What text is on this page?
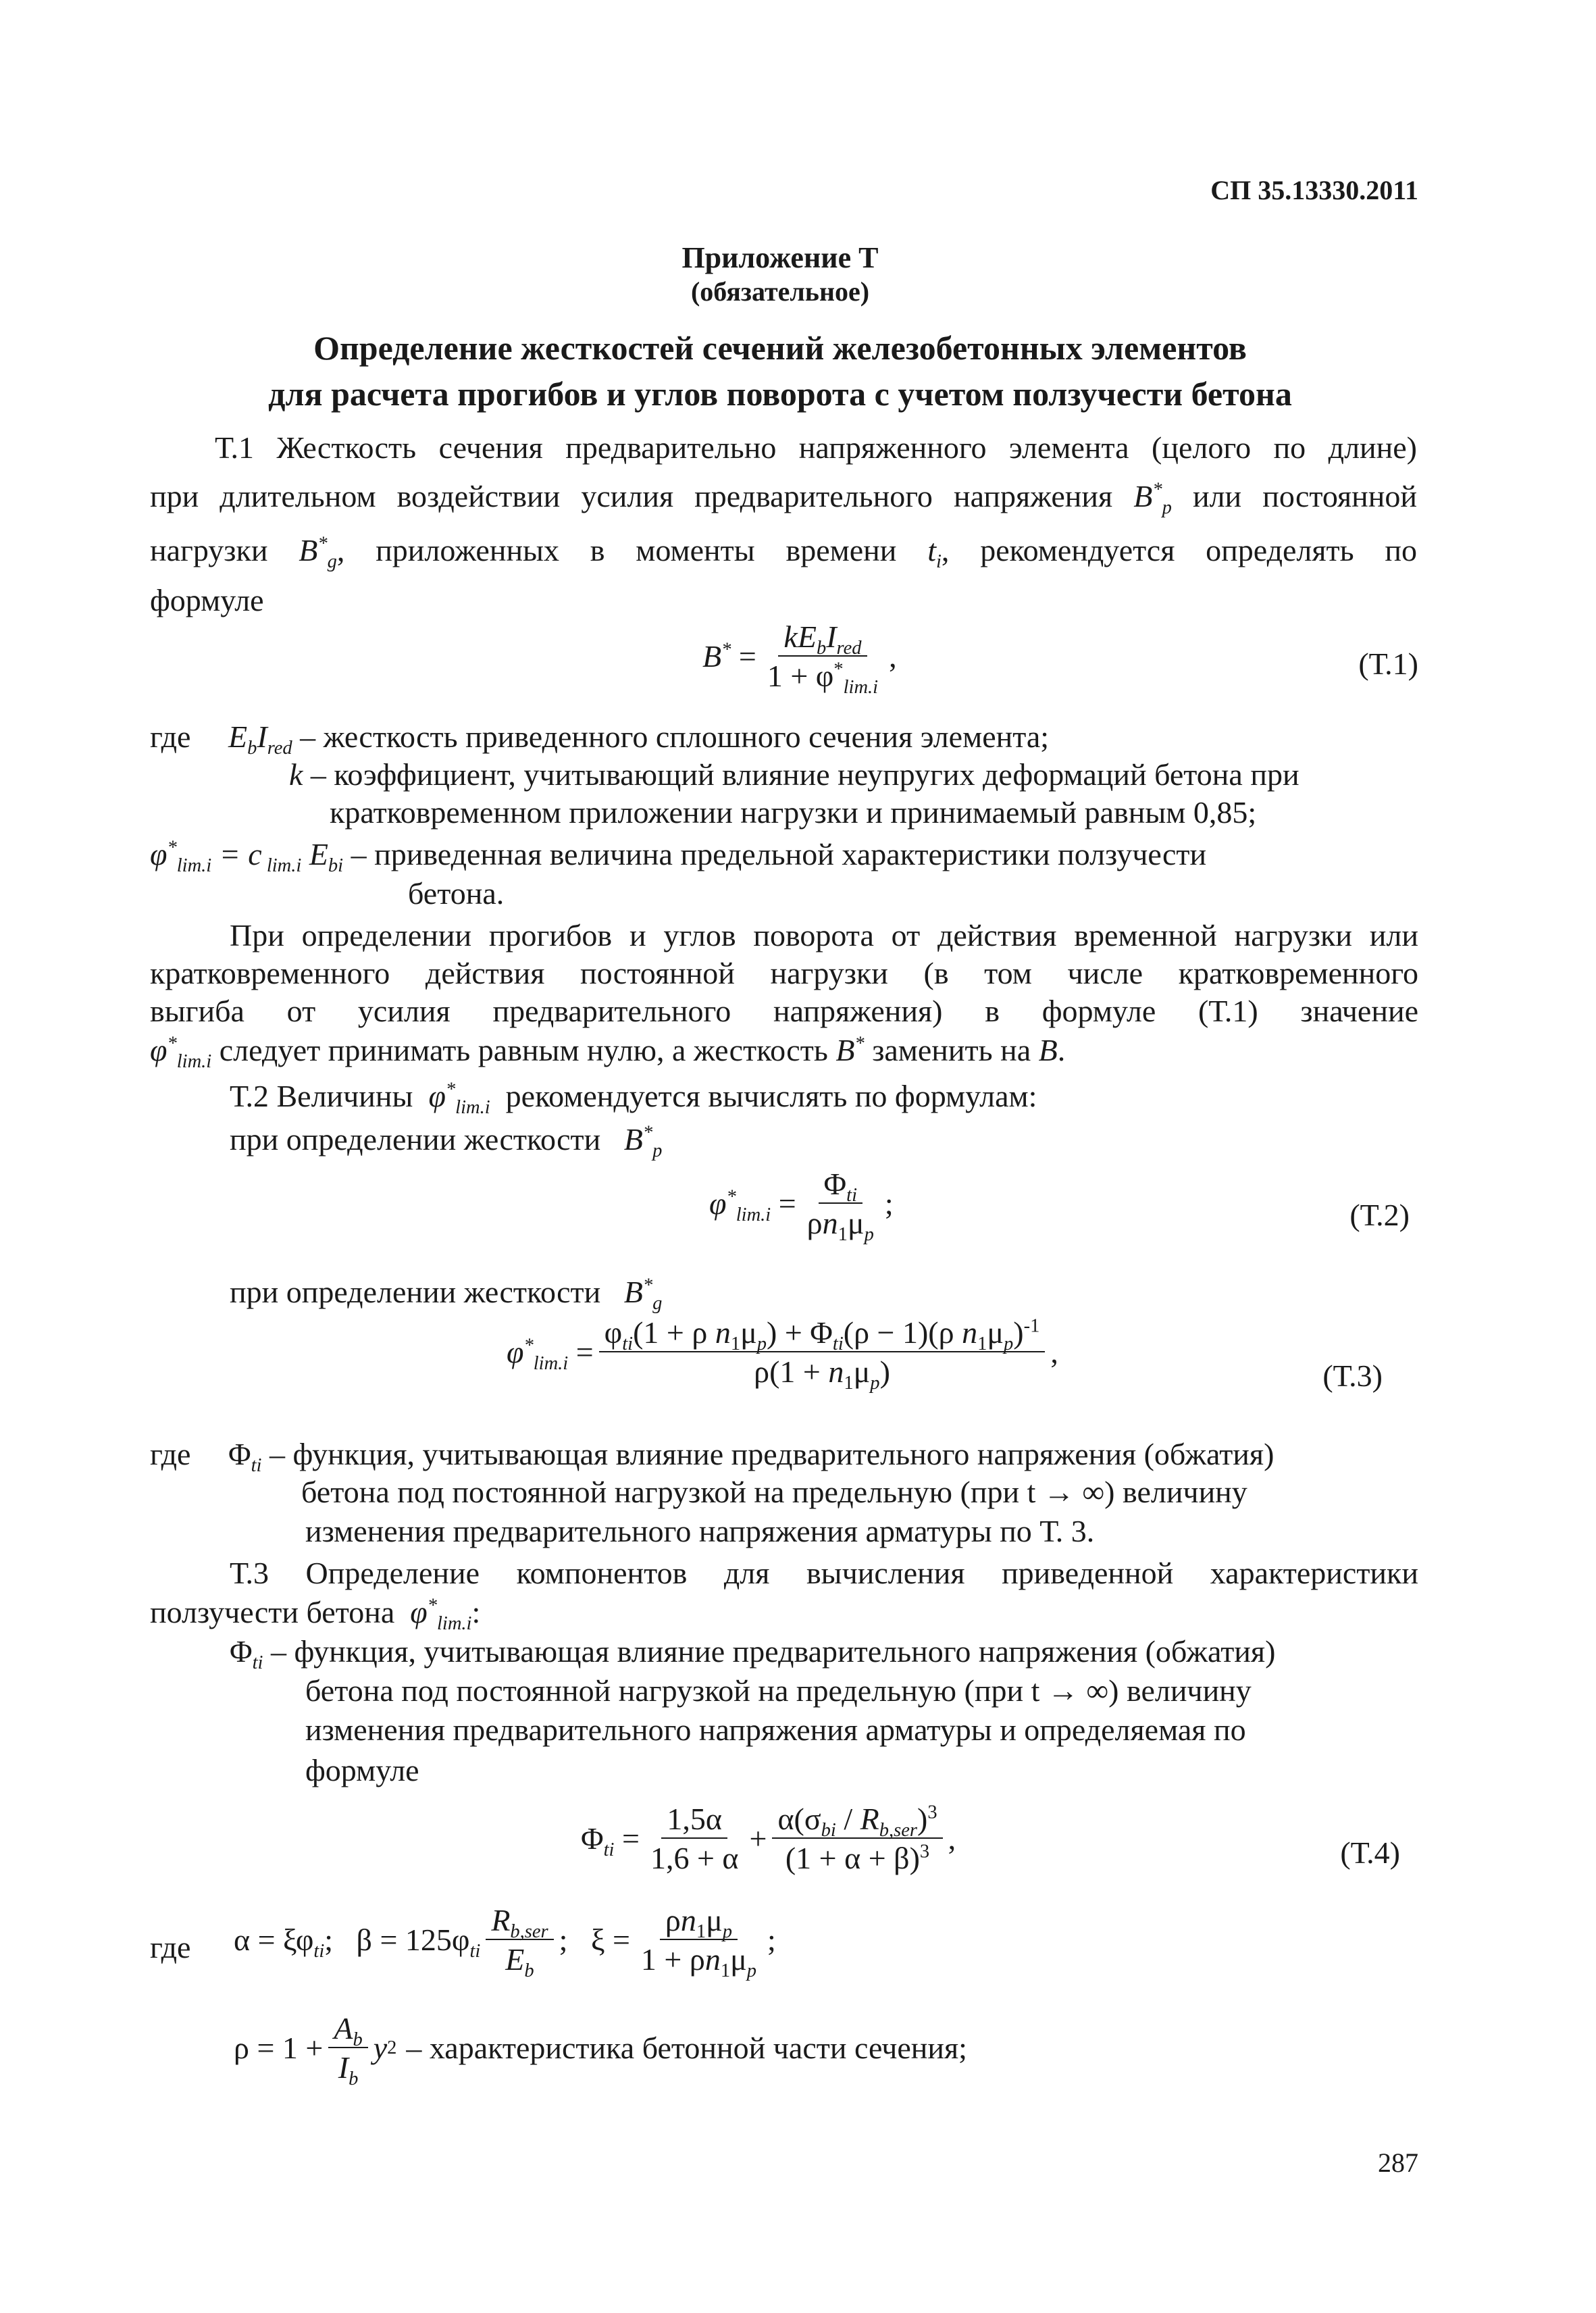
СП 35.13330.2011
Приложение Т
(обязательное)
Определение жесткостей сечений железобетонных элементов
для расчета прогибов и углов поворота с учетом ползучести бетона
Т.1 Жесткость сечения предварительно напряженного элемента (целого по длине)
при длительном воздействии усилия предварительного напряжения $B^*_p$ или постоянной
нагрузки $B^*_g$, приложенных в моменты времени $t_i$, рекомендуется определять по
формуле
$B^* = \frac{kE_bI_{red}}{1 + \varphi^*_{lim.i}}$ ,	(Т.1)
где $E_bI_{red}$ – жесткость приведенного сплошного сечения элемента;
k – коэффициент, учитывающий влияние неупругих деформаций бетона при
кратковременном приложении нагрузки и принимаемый равным 0,85;
$\varphi^*_{lim.i} = c$ $_{lim.i}$ $E_{bi}$ – приведенная величина предельной характеристики ползучести
бетона.
При определении прогибов и углов поворота от действия временной нагрузки или
кратковременного действия постоянной нагрузки (в том числе кратковременного
выгиба от усилия предварительного напряжения) в формуле (Т.1) значение
$\varphi^*_{lim.i}$ следует принимать равным нулю, а жесткость B* заменить на B.
Т.2 Величины  $\varphi^*_{lim.i}$ рекомендуется вычислять по формулам:
при определении жесткости   $B^*_p$
$\varphi^*_{lim.i} = \frac{\Phi_{ti}}{\rho n_1\mu_p}$ ;	(Т.2)
при определении жесткости   $B^*_g$
$\varphi^*_{lim.i} = \frac{\varphi_{ti}(1 + \rho n_1\mu_p) + \Phi_{ti}(\rho - 1)(\rho n_1\mu_p)^{-1}}{\rho(1 + n_1\mu_p)}$ ,
(Т.3)
где $\Phi_{ti}$ – функция, учитывающая влияние предварительного напряжения (обжатия)
бетона под постоянной нагрузкой на предельную (при t → ∞) величину
изменения предварительного напряжения арматуры по Т. 3.
Т.3 Определение компонентов для вычисления приведенной характеристики
ползучести бетона  $\varphi^*_{lim.i}$:
$\Phi_{ti}$ – функция, учитывающая влияние предварительного напряжения (обжатия)
бетона под постоянной нагрузкой на предельную (при t → ∞) величину
изменения предварительного напряжения арматуры и определяемая по
формуле
$\Phi_{ti} = \frac{1,5\alpha}{1,6 + \alpha} + \frac{\alpha(\sigma_{bi} / R_{b,ser})^3}{(1 + \alpha + \beta)^3}$ ,	(Т.4)
где $\alpha = \xi\varphi_{ti}$;   $\beta = 125\varphi_{ti} \frac{R_{b,ser}}{E_b}$ ;   $\xi = \frac{\rho n_1\mu_p}{1 + \rho n_1\mu_p}$ ;
$\rho = 1 + \frac{A_b}{I_b}$ y 2 – характеристика бетонной части сечения;
287
